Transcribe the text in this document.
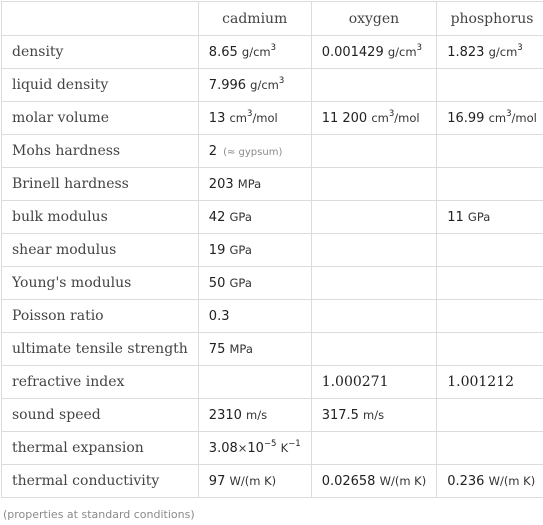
	cadmium	oxygen	phosphorus
density	8.65 $g/cm^3$	0.001429 $g/cm^3$	1.823 $g/cm^3$
liquid density	7.996 $g/cm^3$		
molar volume	13 $cm^3$/mol	11 200 $cm^3$/mol	16.99 $cm^3$/mol
Mohs hardness	2 (≈ gypsum)		
Brinell hardness	203 MPa		
bulk modulus	42 GPa		11 GPa
shear modulus	19 GPa		
Young's modulus	50 GPa		
Poisson ratio	0.3		
ultimate tensile strength	75 MPa		
refractive index		1.000271	1.001212
sound speed	2310 m/s	317.5 m/s	
thermal expansion	$3.08\times 10^{-5}$ $K^{-1}$		
thermal conductivity	97 W/(m K)	0.02658 W/(m K)	0.236 W/(m K)
(properties at standard conditions)
